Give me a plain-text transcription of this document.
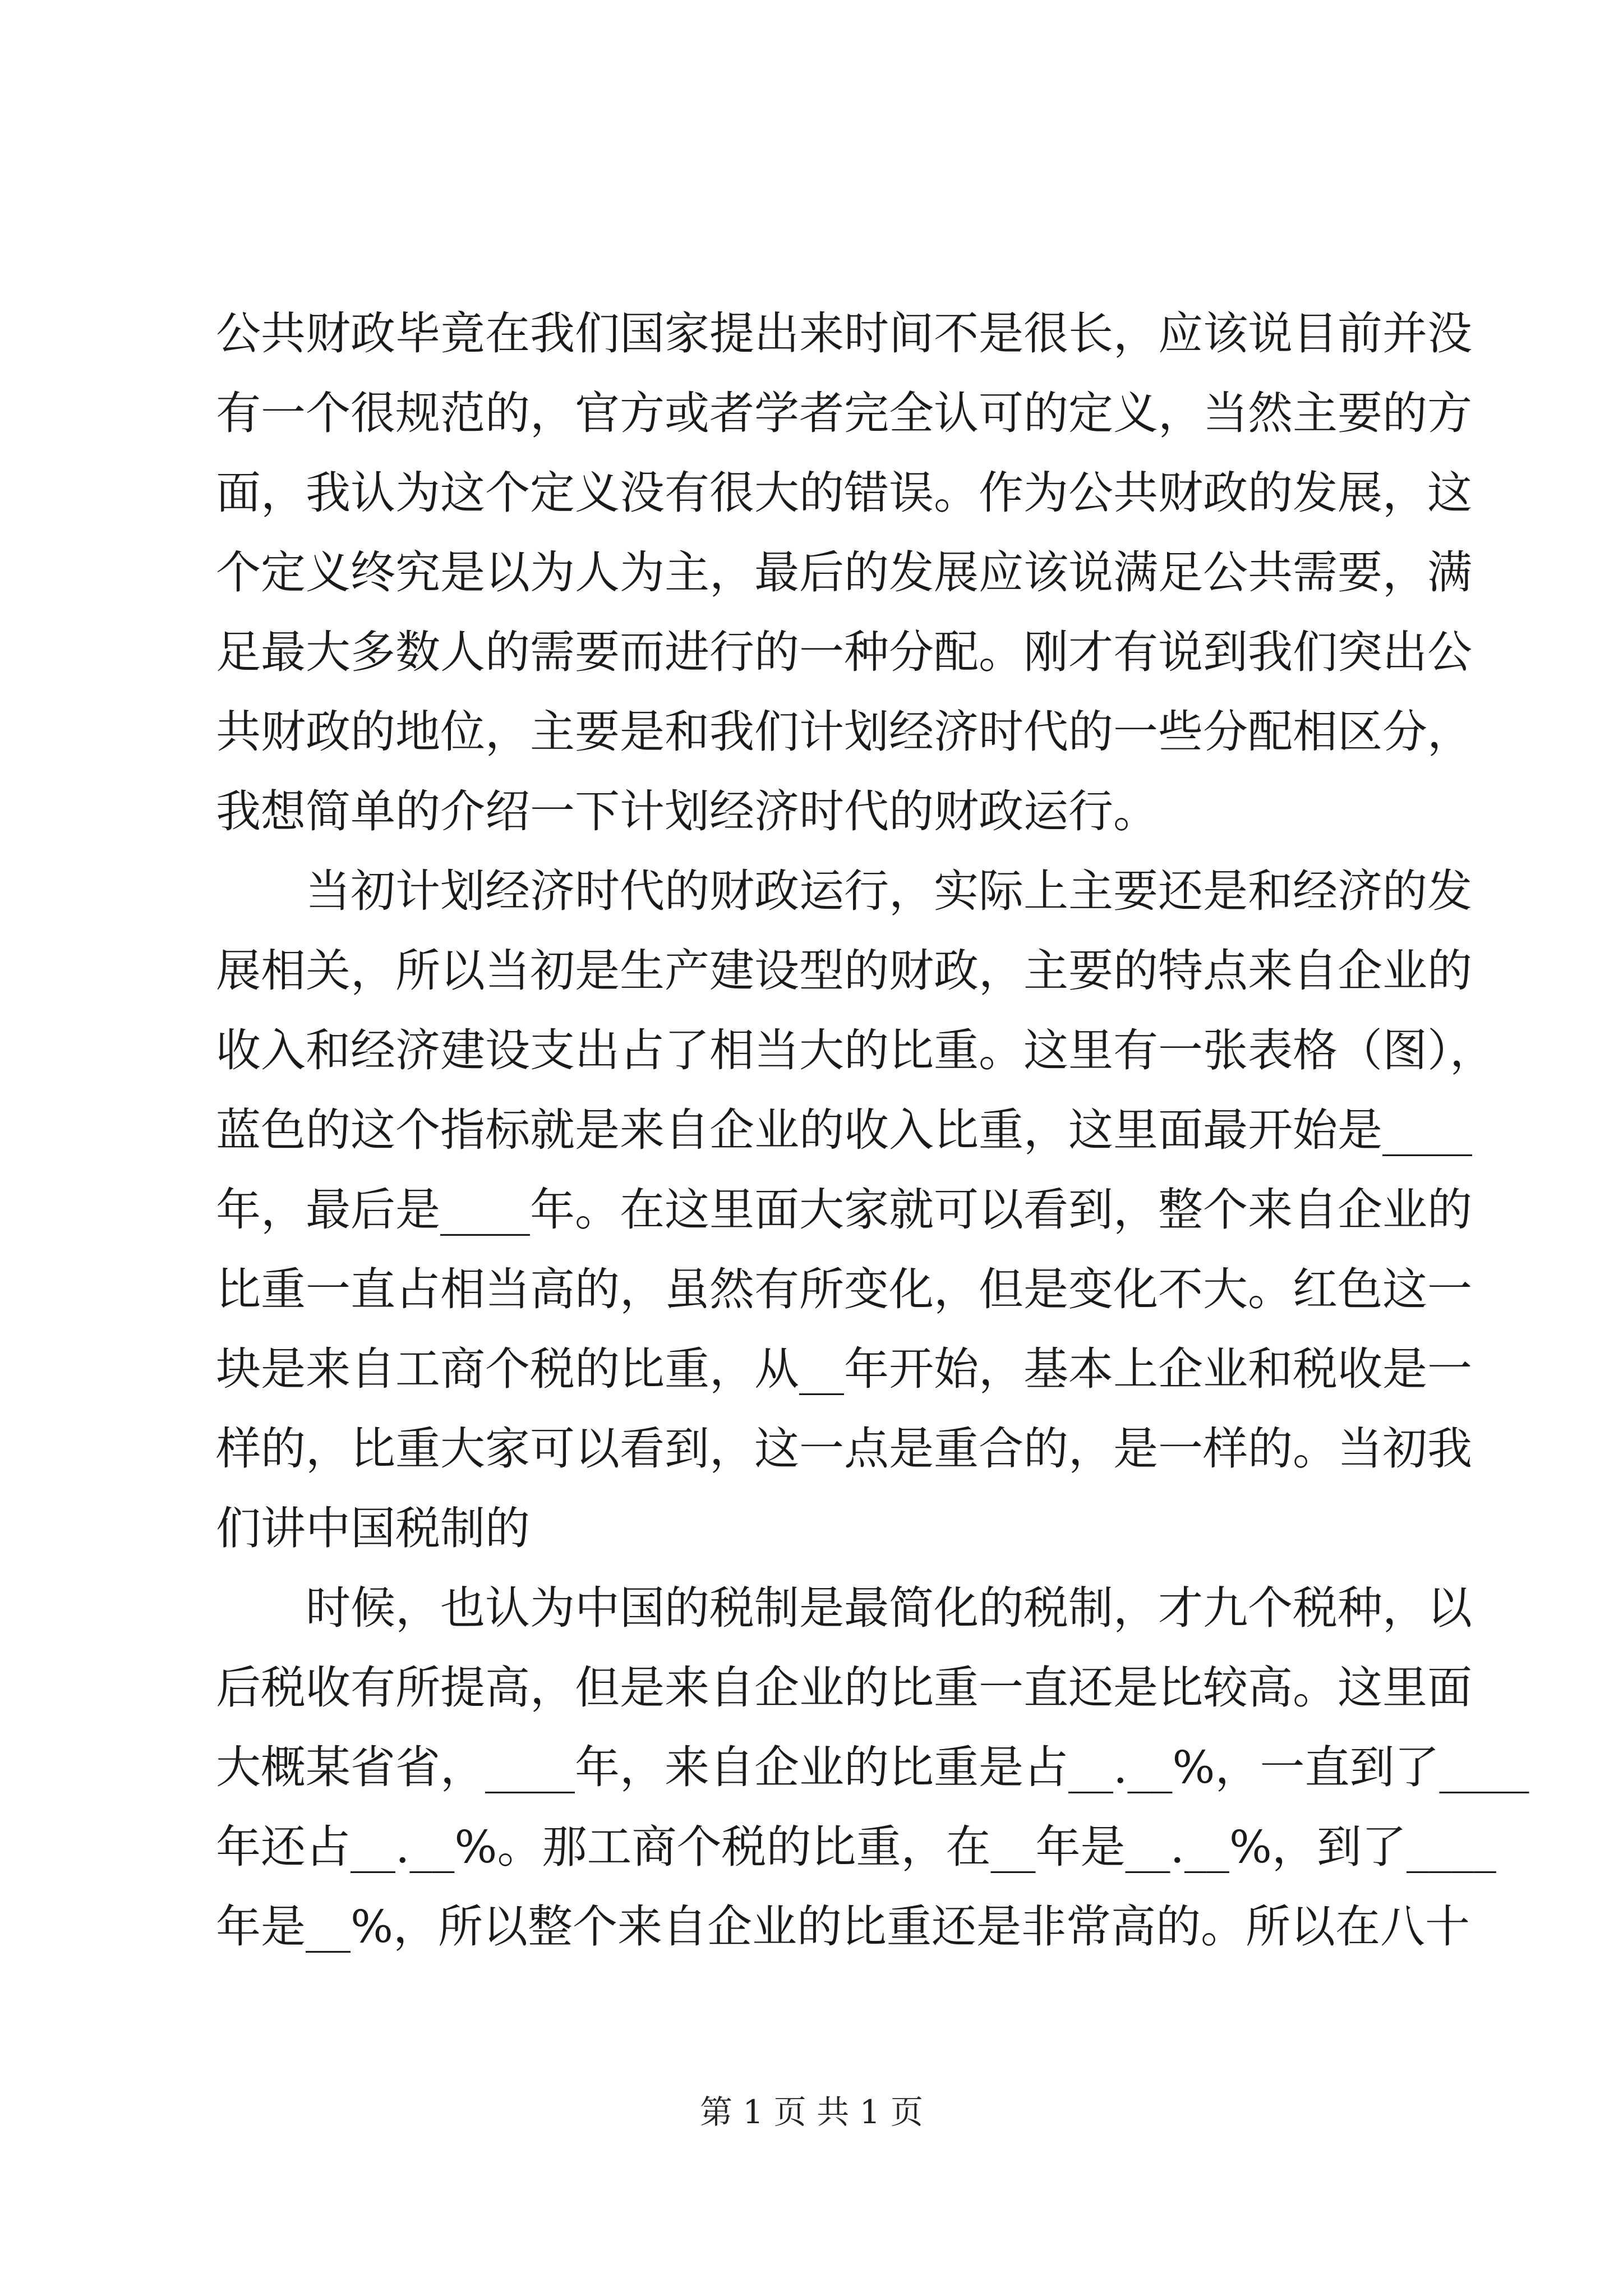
公共财政毕竟在我们国家提出来时间不是很长，应该说目前并没
有一个很规范的，官方或者学者完全认可的定义，当然主要的方
面，我认为这个定义没有很大的错误。作为公共财政的发展，这
个定义终究是以为人为主，最后的发展应该说满足公共需要，满
足最大多数人的需要而进行的一种分配。刚才有说到我们突出公
共财政的地位，主要是和我们计划经济时代的一些分配相区分，
我想简单的介绍一下计划经济时代的财政运行。
　　当初计划经济时代的财政运行，实际上主要还是和经济的发
展相关，所以当初是生产建设型的财政，主要的特点来自企业的
收入和经济建设支出占了相当大的比重。这里有一张表格（图），
蓝色的这个指标就是来自企业的收入比重，这里面最开始是____
年，最后是____年。在这里面大家就可以看到，整个来自企业的
比重一直占相当高的，虽然有所变化，但是变化不大。红色这一
块是来自工商个税的比重，从__年开始，基本上企业和税收是一
样的，比重大家可以看到，这一点是重合的，是一样的。当初我
们讲中国税制的
　　时候，也认为中国的税制是最简化的税制，才九个税种，以
后税收有所提高，但是来自企业的比重一直还是比较高。这里面
大概某省省，____年，来自企业的比重是占__.__%，一直到了____
年还占__.__%。那工商个税的比重，在__年是__.__%，到了____
年是__%，所以整个来自企业的比重还是非常高的。所以在八十
第 1 页 共 1 页
